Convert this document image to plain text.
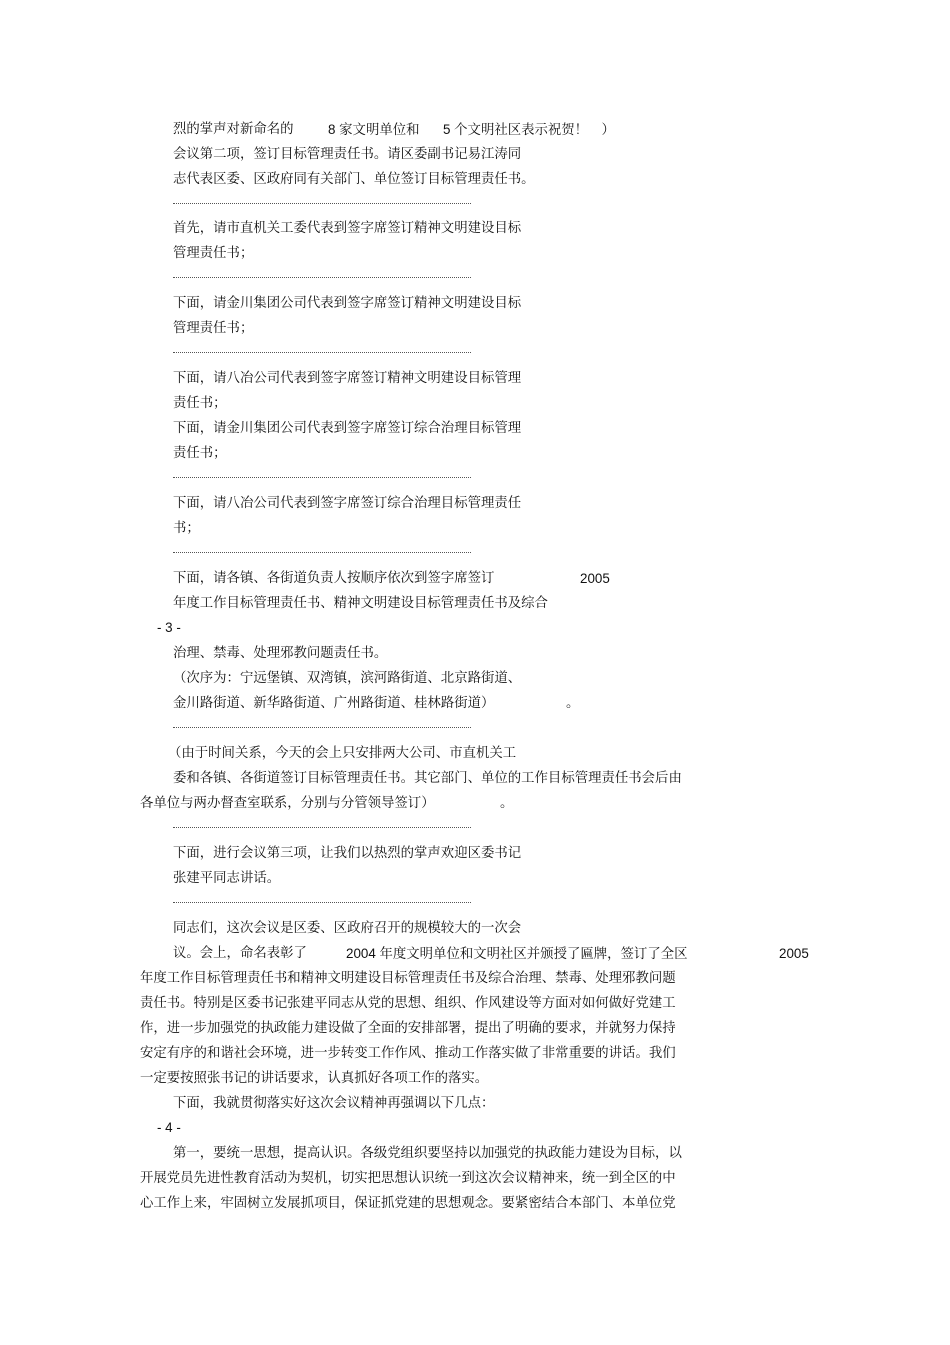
烈的掌声对新命名的	8 家文明单位和 5 个文明社区表示祝贺！　）

会议第二项，签订目标管理责任书。请区委副书记易江涛同

志代表区委、区政府同有关部门、单位签订目标管理责任书。

首先，请市直机关工委代表到签字席签订精神文明建设目标

管理责任书；

下面，请金川集团公司代表到签字席签订精神文明建设目标

管理责任书；

下面，请八冶公司代表到签字席签订精神文明建设目标管理

责任书；

下面，请金川集团公司代表到签字席签订综合治理目标管理

责任书；

下面，请八冶公司代表到签字席签订综合治理目标管理责任

书；

下面，请各镇、各街道负责人按顺序依次到签字席签订	2005

年度工作目标管理责任书、精神文明建设目标管理责任书及综合

- 3 -

治理、禁毒、处理邪教问题责任书。

（次序为：宁远堡镇、双湾镇，滨河路街道、北京路街道、

金川路街道、新华路街道、广州路街道、桂林路街道）	。

（由于时间关系，今天的会上只安排两大公司、市直机关工

委和各镇、各街道签订目标管理责任书。其它部门、单位的工作目标管理责任书会后由

各单位与两办督查室联系，分别与分管领导签订）	。

下面，进行会议第三项，让我们以热烈的掌声欢迎区委书记

张建平同志讲话。

同志们，这次会议是区委、区政府召开的规模较大的一次会

议。会上，命名表彰了	2004 年度文明单位和文明社区并颁授了匾牌，签订了全区	2005

年度工作目标管理责任书和精神文明建设目标管理责任书及综合治理、禁毒、处理邪教问题

责任书。特别是区委书记张建平同志从党的思想、组织、作风建设等方面对如何做好党建工

作，进一步加强党的执政能力建设做了全面的安排部署，提出了明确的要求，并就努力保持

安定有序的和谐社会环境，进一步转变工作作风、推动工作落实做了非常重要的讲话。我们

一定要按照张书记的讲话要求，认真抓好各项工作的落实。

下面，我就贯彻落实好这次会议精神再强调以下几点：

- 4 -

第一，要统一思想，提高认识。各级党组织要坚持以加强党的执政能力建设为目标，以

开展党员先进性教育活动为契机，切实把思想认识统一到这次会议精神来，统一到全区的中

心工作上来，牢固树立发展抓项目，保证抓党建的思想观念。要紧密结合本部门、本单位党
